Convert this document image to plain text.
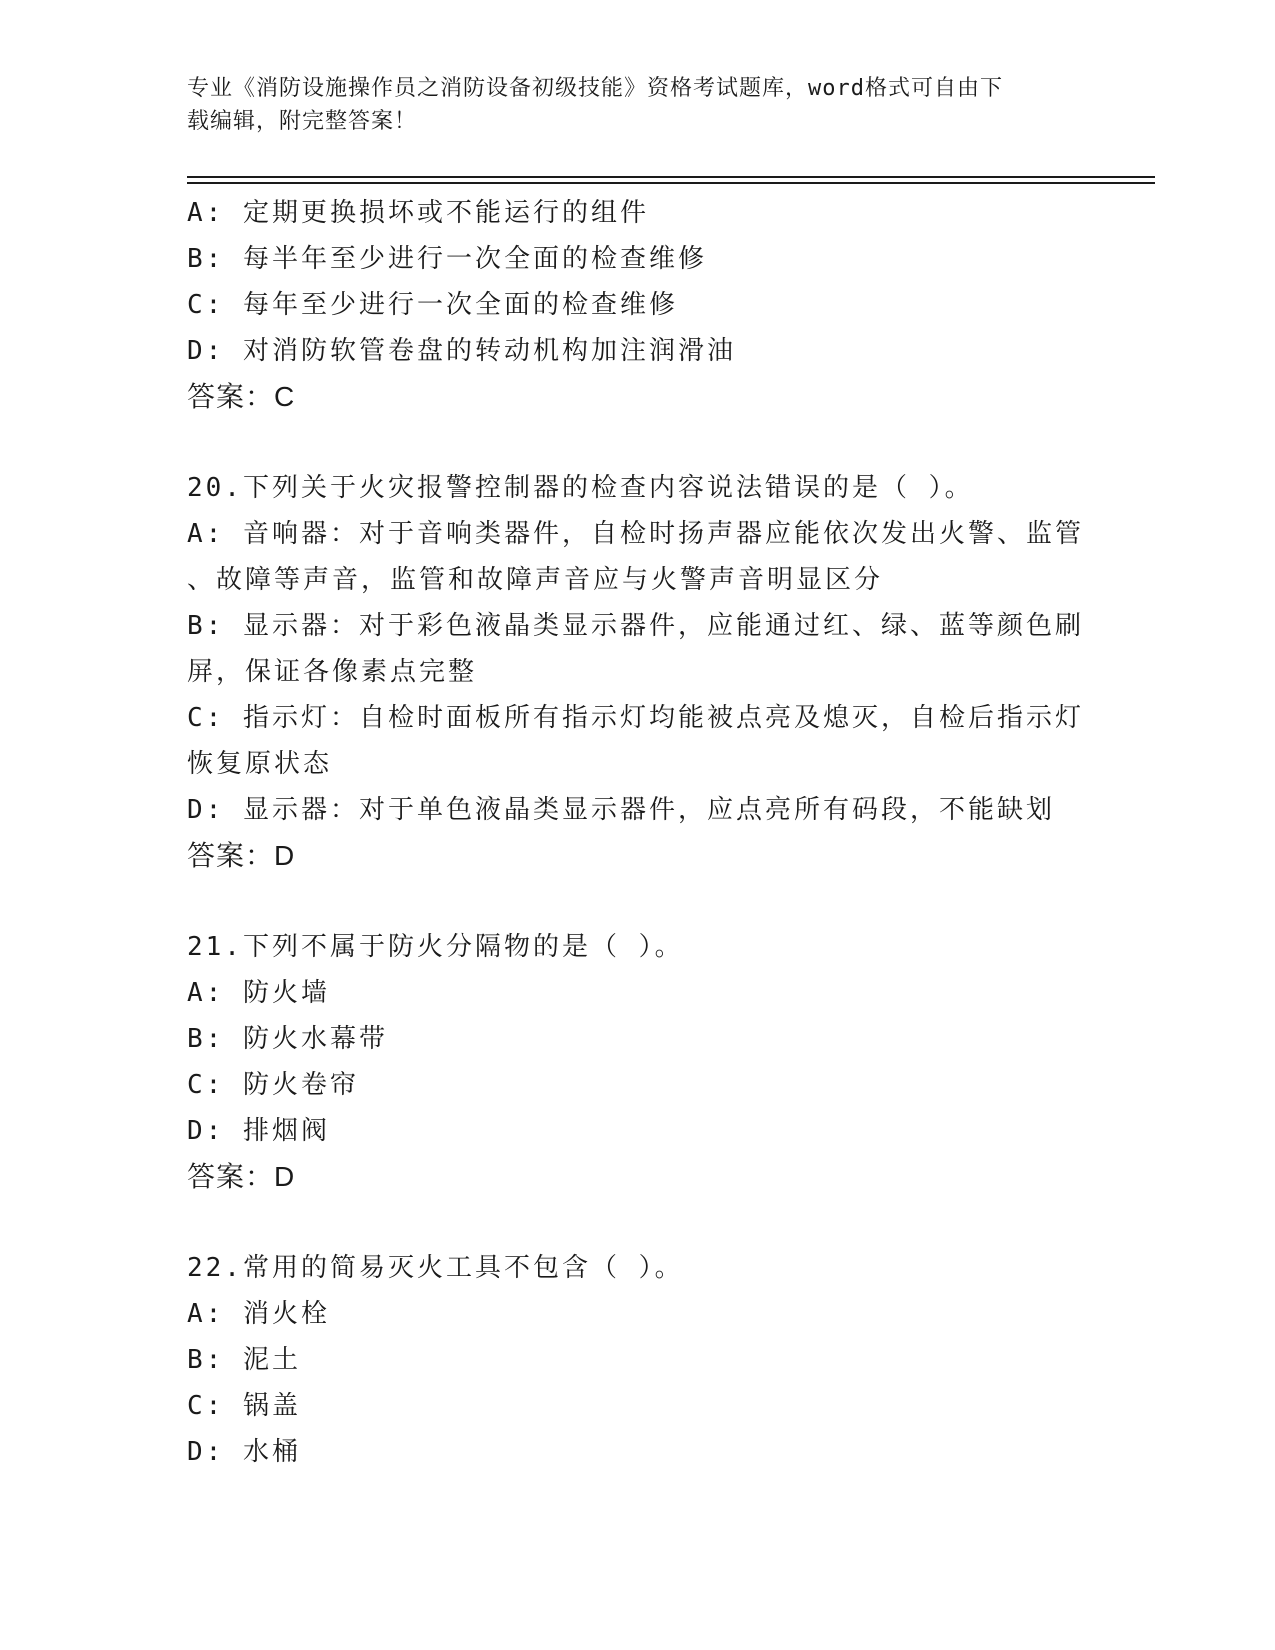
专业《消防设施操作员之消防设备初级技能》资格考试题库，word格式可自由下
载编辑，附完整答案！
A: 定期更换损坏或不能运行的组件
B: 每半年至少进行一次全面的检查维修
C: 每年至少进行一次全面的检查维修
D: 对消防软管卷盘的转动机构加注润滑油
答案：C
20.下列关于火灾报警控制器的检查内容说法错误的是（ ）。
A: 音响器：对于音响类器件，自检时扬声器应能依次发出火警、监管
、故障等声音，监管和故障声音应与火警声音明显区分
B: 显示器：对于彩色液晶类显示器件，应能通过红、绿、蓝等颜色刷
屏，保证各像素点完整
C: 指示灯：自检时面板所有指示灯均能被点亮及熄灭，自检后指示灯
恢复原状态
D: 显示器：对于单色液晶类显示器件，应点亮所有码段，不能缺划
答案：D
21.下列不属于防火分隔物的是（ ）。
A: 防火墙
B: 防火水幕带
C: 防火卷帘
D: 排烟阀
答案：D
22.常用的简易灭火工具不包含（ ）。
A: 消火栓
B: 泥土
C: 锅盖
D: 水桶
